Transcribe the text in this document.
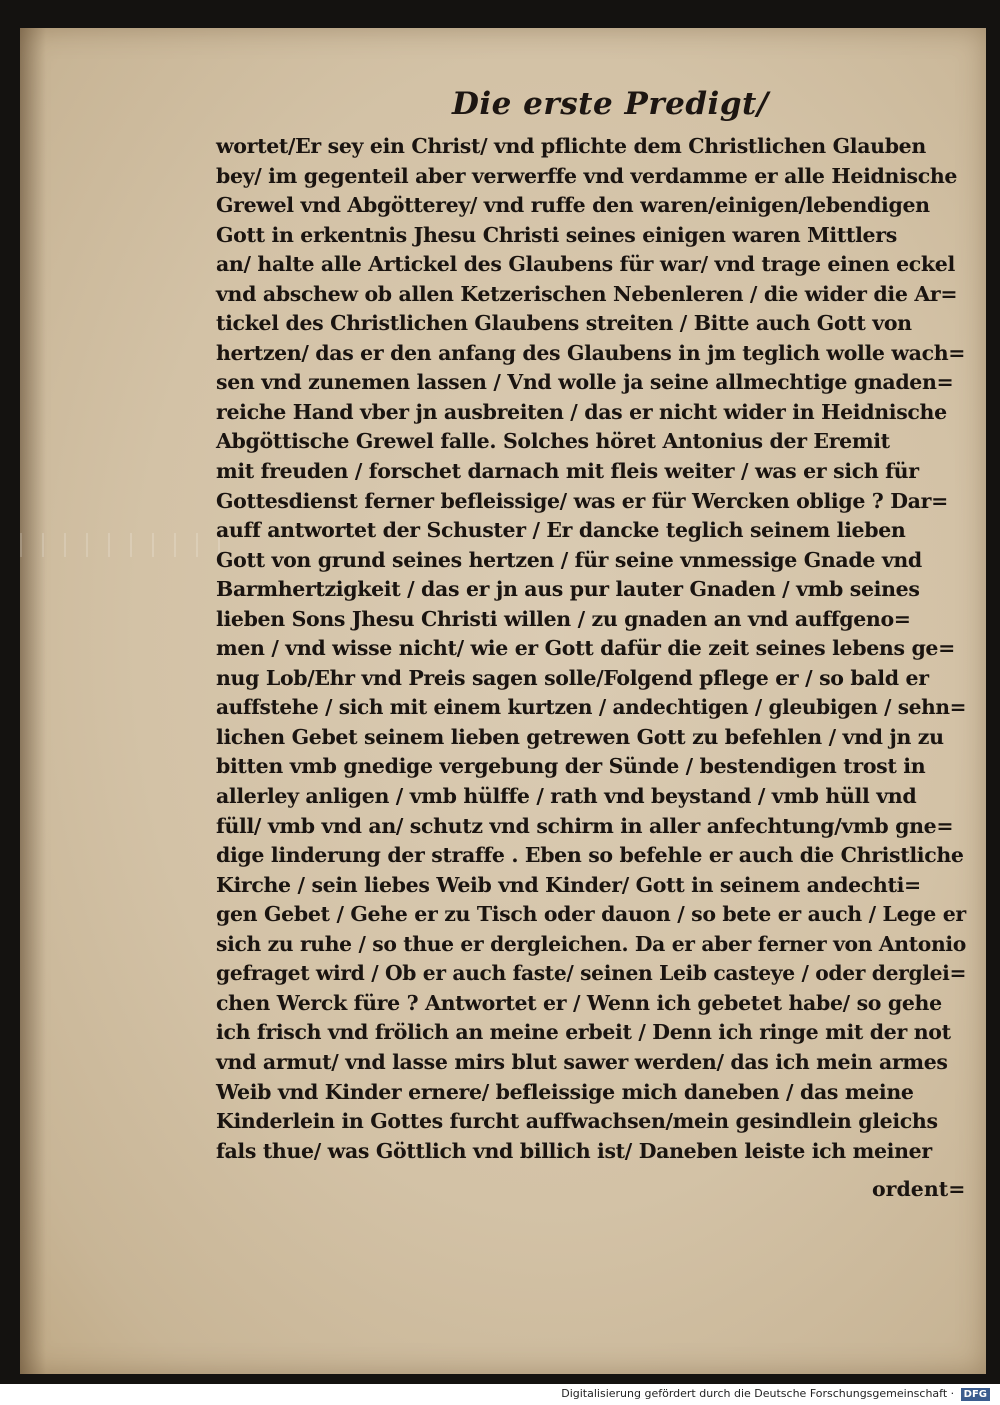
Die erste Predigt/
wortet/Er sey ein Christ/ vnd pflichte dem Christlichen Glauben
bey/ im gegenteil aber verwerffe vnd verdamme er alle Heidnische
Grewel vnd Abgötterey/ vnd ruffe den waren/einigen/lebendigen
Gott in erkentnis Jhesu Christi seines einigen waren Mittlers
an/ halte alle Artickel des Glaubens für war/ vnd trage einen eckel
vnd abschew ob allen Ketzerischen Nebenleren / die wider die Ar=
tickel des Christlichen Glaubens streiten / Bitte auch Gott von
hertzen/ das er den anfang des Glaubens in jm teglich wolle wach=
sen vnd zunemen lassen / Vnd wolle ja seine allmechtige gnaden=
reiche Hand vber jn ausbreiten / das er nicht wider in Heidnische
Abgöttische Grewel falle. Solches höret Antonius der Eremit
mit freuden / forschet darnach mit fleis weiter / was er sich für
Gottesdienst ferner befleissige/ was er für Wercken oblige ? Dar=
auff antwortet der Schuster / Er dancke teglich seinem lieben
Gott von grund seines hertzen / für seine vnmessige Gnade vnd
Barmhertzigkeit / das er jn aus pur lauter Gnaden / vmb seines
lieben Sons Jhesu Christi willen / zu gnaden an vnd auffgeno=
men / vnd wisse nicht/ wie er Gott dafür die zeit seines lebens ge=
nug Lob/Ehr vnd Preis sagen solle/Folgend pflege er / so bald er
auffstehe / sich mit einem kurtzen / andechtigen / gleubigen / sehn=
lichen Gebet seinem lieben getrewen Gott zu befehlen / vnd jn zu
bitten vmb gnedige vergebung der Sünde / bestendigen trost in
allerley anligen / vmb hülffe / rath vnd beystand / vmb hüll vnd
füll/ vmb vnd an/ schutz vnd schirm in aller anfechtung/vmb gne=
dige linderung der straffe . Eben so befehle er auch die Christliche
Kirche / sein liebes Weib vnd Kinder/ Gott in seinem andechti=
gen Gebet / Gehe er zu Tisch oder dauon / so bete er auch / Lege er
sich zu ruhe / so thue er dergleichen. Da er aber ferner von Antonio
gefraget wird / Ob er auch faste/ seinen Leib casteye / oder derglei=
chen Werck füre ? Antwortet er / Wenn ich gebetet habe/ so gehe
ich frisch vnd frölich an meine erbeit / Denn ich ringe mit der not
vnd armut/ vnd lasse mirs blut sawer werden/ das ich mein armes
Weib vnd Kinder ernere/ befleissige mich daneben / das meine
Kinderlein in Gottes furcht auffwachsen/mein gesindlein gleichs
fals thue/ was Göttlich vnd billich ist/ Daneben leiste ich meiner
ordent=
Digitalisierung gefördert durch die Deutsche Forschungsgemeinschaft · DFG
